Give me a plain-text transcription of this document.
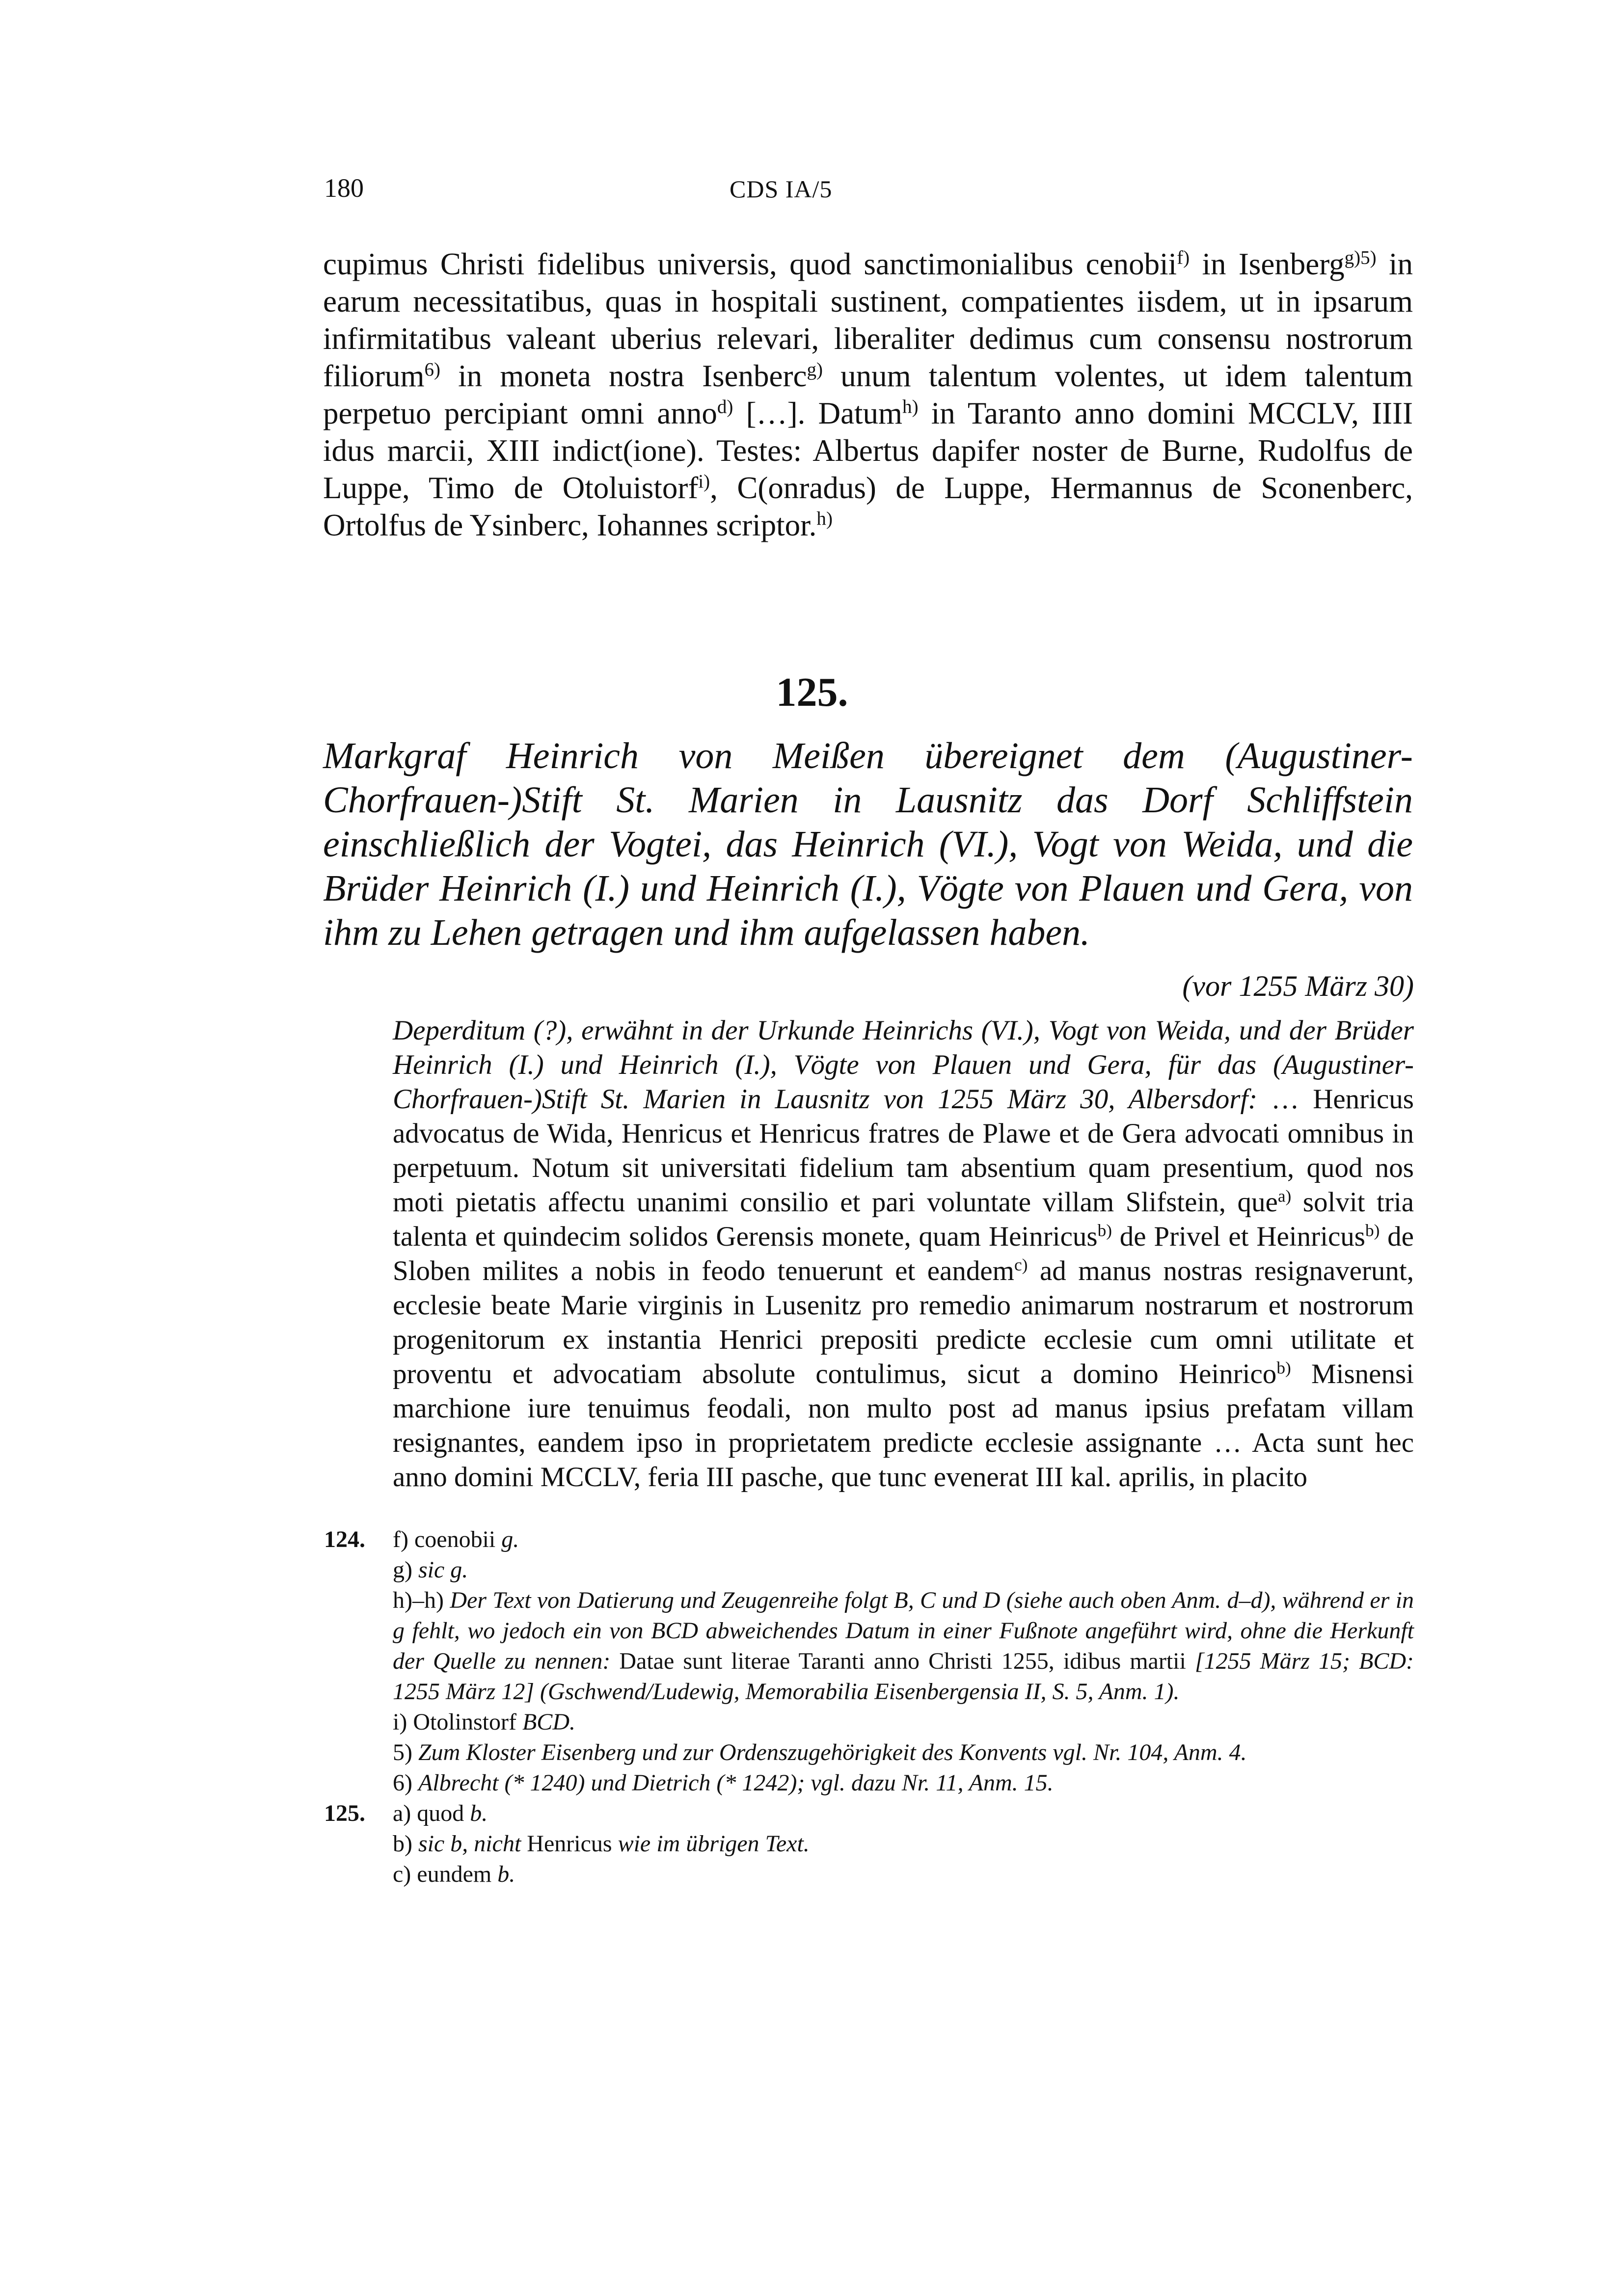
180	CDS IA/5

cupimus Christi fidelibus universis, quod sanctimonialibus cenobii$^{f)}$ in Isenberg$^{g)5)}$ in earum necessitatibus, quas in hospitali sustinent, compatientes iisdem, ut in ipsarum infirmitatibus valeant uberius relevari, liberaliter dedimus cum consensu nostrorum filiorum$^{6)}$ in moneta nostra Isenberc$^{g)}$ unum talentum volentes, ut idem talentum perpetuo percipiant omni anno$^{d)}$ […]. Datum$^{h)}$ in Taranto anno domini MCCLV, IIII idus marcii, XIII indict(ione). Testes: Albertus dapifer noster de Burne, Rudolfus de Luppe, Timo de Otoluistorf$^{i)}$, C(onradus) de Luppe, Hermannus de Sconenberc, Ortolfus de Ysinberc, Iohannes scriptor.$^{h)}$

125.
Markgraf Heinrich von Meißen übereignet dem (Augustiner-Chorfrauen-)Stift St. Marien in Lausnitz das Dorf Schliffstein einschließlich der Vogtei, das Heinrich (VI.), Vogt von Weida, und die Brüder Heinrich (I.) und Heinrich (I.), Vögte von Plauen und Gera, von ihm zu Lehen getragen und ihm aufgelassen haben.
(vor 1255 März 30)

Deperditum (?), erwähnt in der Urkunde Heinrichs (VI.), Vogt von Weida, und der Brüder Heinrich (I.) und Heinrich (I.), Vögte von Plauen und Gera, für das (Augustiner-Chorfrauen-)Stift St. Marien in Lausnitz von 1255 März 30, Albersdorf: … Henricus advocatus de Wida, Henricus et Henricus fratres de Plawe et de Gera advocati omnibus in perpetuum. Notum sit universitati fidelium tam absentium quam presentium, quod nos moti pietatis affectu unanimi consilio et pari voluntate villam Slifstein, que$^{a)}$ solvit tria talenta et quindecim solidos Gerensis monete, quam Heinricus$^{b)}$ de Privel et Heinricus$^{b)}$ de Sloben milites a nobis in feodo tenuerunt et eandem$^{c)}$ ad manus nostras resignaverunt, ecclesie beate Marie virginis in Lusenitz pro remedio animarum nostrarum et nostrorum progenitorum ex instantia Henrici prepositi predicte ecclesie cum omni utilitate et proventu et advocatiam absolute contulimus, sicut a domino Heinrico$^{b)}$ Misnensi marchione iure tenuimus feodali, non multo post ad manus ipsius prefatam villam resignantes, eandem ipso in proprietatem predicte ecclesie assignante … Acta sunt hec anno domini MCCLV, feria III pasche, que tunc evenerat III kal. aprilis, in placito

124. f) coenobii g.
g) sic g.
h)–h) Der Text von Datierung und Zeugenreihe folgt B, C und D (siehe auch oben Anm. d–d), während er in g fehlt, wo jedoch ein von BCD abweichendes Datum in einer Fußnote angeführt wird, ohne die Herkunft der Quelle zu nennen: Datae sunt literae Taranti anno Christi 1255, idibus martii [1255 März 15; BCD: 1255 März 12] (Gschwend/Ludewig, Memorabilia Eisenbergensia II, S. 5, Anm. 1).
i) Otolinstorf BCD.
5) Zum Kloster Eisenberg und zur Ordenszugehörigkeit des Konvents vgl. Nr. 104, Anm. 4.
6) Albrecht (* 1240) und Dietrich (* 1242); vgl. dazu Nr. 11, Anm. 15.
125. a) quod b.
b) sic b, nicht Henricus wie im übrigen Text.
c) eundem b.
